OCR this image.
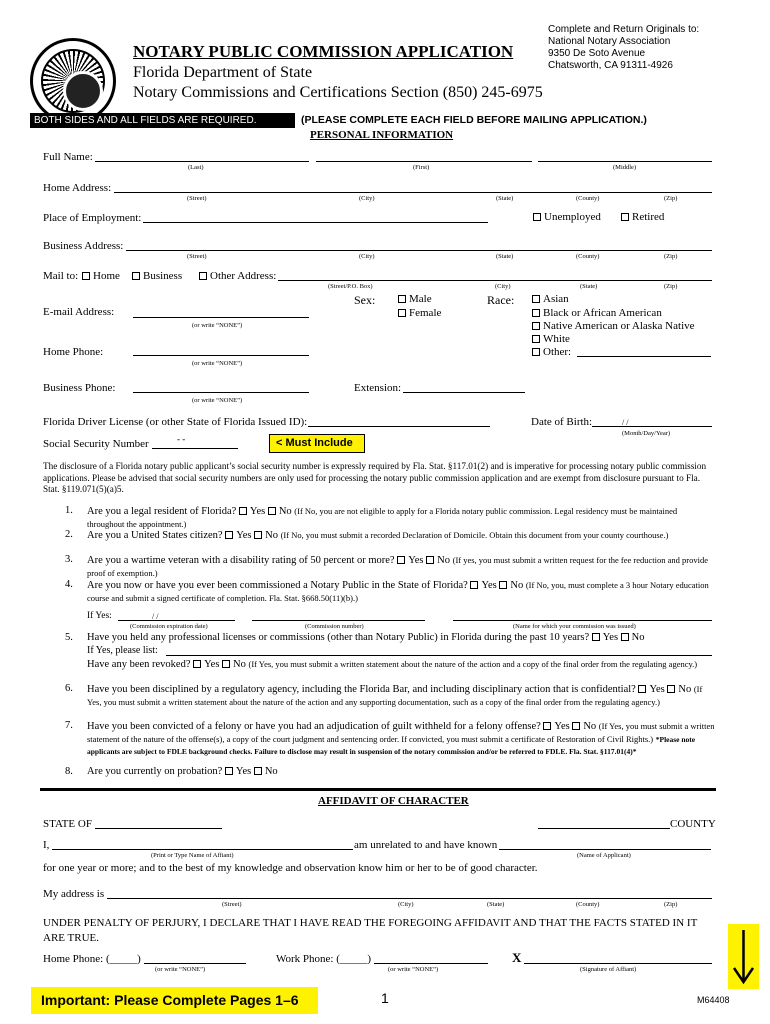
NOTARY PUBLIC COMMISSION APPLICATION
Florida Department of State
Notary Commissions and Certifications Section (850) 245-6975
Complete and Return Originals to:
National Notary Association
9350 De Soto Avenue
Chatsworth, CA 91311-4926
BOTH SIDES AND ALL FIELDS ARE REQUIRED.	(PLEASE COMPLETE EACH FIELD BEFORE MAILING APPLICATION.)
PERSONAL INFORMATION
Full Name:
(Last)	(First)	(Middle)
Home Address:
(Street)	(City)	(State)	(County)	(Zip)
Place of Employment:	Unemployed	Retired
Business Address:
(Street)	(City)	(State)	(County)	(Zip)
Mail to:	Home	Business	Other Address:
(Street/P.O. Box)	(City)	(State)	(Zip)
Sex:	Male
Female
Race:	Asian
Black or African American
Native American or Alaska Native
White
Other:
E-mail Address:
(or write “NONE”)
Home Phone:
(or write “NONE”)
Business Phone:
(or write “NONE”)
Extension:
Florida Driver License (or other State of Florida Issued ID):	Date of Birth:	/ /
(Month/Day/Year)
Social Security Number	- -	< Must Include
The disclosure of a Florida notary public applicant’s social security number is expressly required by Fla. Stat. §117.01(2) and is imperative for processing notary public commission applications. Please be advised that social security numbers are only used for processing the notary public commission application and are exempt from disclosure pursuant to Fla. Stat. §119.071(5)(a)5.
1. Are you a legal resident of Florida? Yes No (If No, you are not eligible to apply for a Florida notary public commission. Legal residency must be maintained throughout the appointment.)
2. Are you a United States citizen? Yes No (If No, you must submit a recorded Declaration of Domicile. Obtain this document from your county courthouse.)
3. Are you a wartime veteran with a disability rating of 50 percent or more? Yes No (If yes, you must submit a written request for the fee reduction and provide proof of exemption.)
4. Are you now or have you ever been commissioned a Notary Public in the State of Florida? Yes No (If No, you, must complete a 3 hour Notary education course and submit a signed certificate of completion. Fla. Stat. §668.50(11)(b).)
If Yes:	/ /
(Commission expiration date)	(Commission number)	(Name for which your commission was issued)
5. Have you held any professional licenses or commissions (other than Notary Public) in Florida during the past 10 years? Yes No
If Yes, please list:
Have any been revoked? Yes No (If Yes, you must submit a written statement about the nature of the action and a copy of the final order from the regulating agency.)
6. Have you been disciplined by a regulatory agency, including the Florida Bar, and including disciplinary action that is confidential? Yes No (If Yes, you must submit a written statement about the nature of the action and any supporting documentation, such as a copy of the final order from the regulating agency.)
7. Have you been convicted of a felony or have you had an adjudication of guilt withheld for a felony offense? Yes No (If Yes, you must submit a written statement of the nature of the offense(s), a copy of the court judgment and sentencing order. If convicted, you must submit a certificate of Restoration of Civil Rights.) *Please note applicants are subject to FDLE background checks. Failure to disclose may result in suspension of the notary commission and/or be referred to FDLE. Fla. Stat. §117.01(4)*
8. Are you currently on probation? Yes No
AFFIDAVIT OF CHARACTER
STATE OF	COUNTY
I,	am unrelated to and have known
(Print or Type Name of Affiant)	(Name of Applicant)
for one year or more; and to the best of my knowledge and observation know him or her to be of good character.
My address is
(Street)	(City)	(State)	(County)	(Zip)
UNDER PENALTY OF PERJURY, I DECLARE THAT I HAVE READ THE FOREGOING AFFIDAVIT AND THAT THE FACTS STATED IN IT ARE TRUE.
Home Phone: (_____)
(or write “NONE”)
Work Phone: (_____)
(or write “NONE”)
X
(Signature of Affiant)
Important: Please Complete Pages 1–6	1	M64408
